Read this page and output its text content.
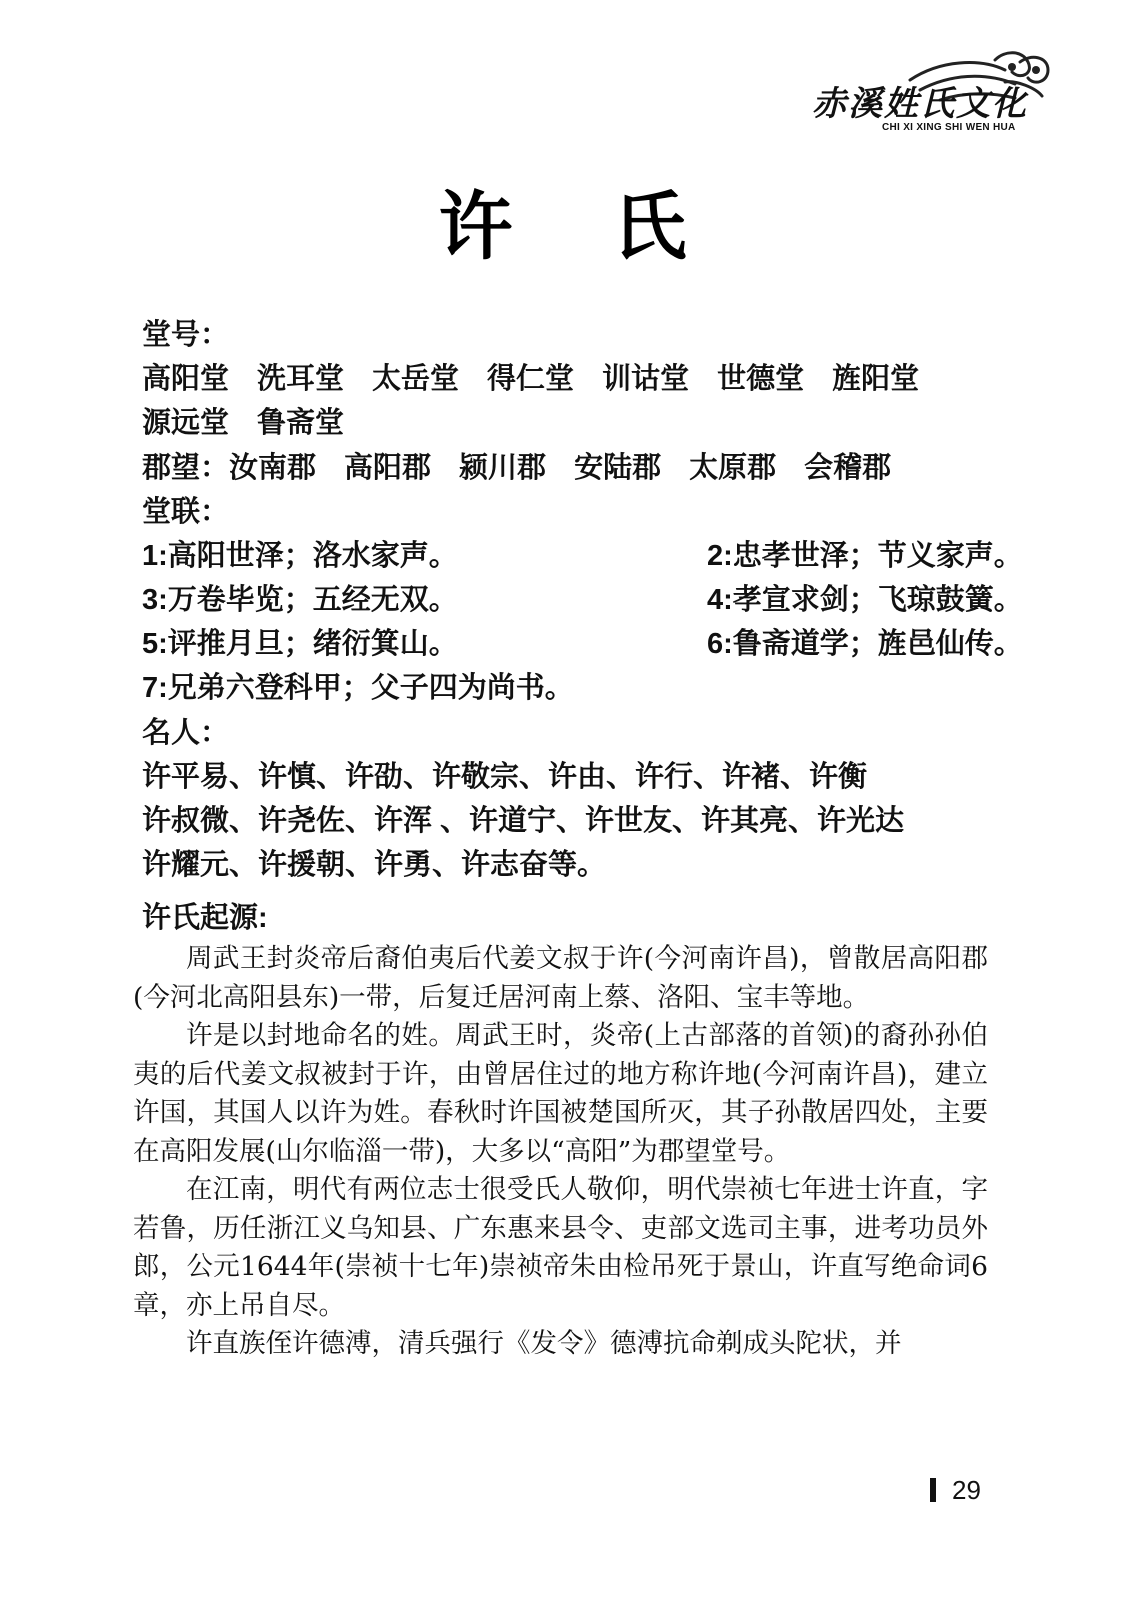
赤溪姓氏文化
CHI XI XING SHI WEN HUA
许氏
堂号：
高阳堂 洗耳堂 太岳堂 得仁堂 训诂堂 世德堂 旌阳堂
源远堂 鲁斋堂
郡望：汝南郡 高阳郡 颍川郡 安陆郡 太原郡 会稽郡
堂联：
1:高阳世泽；洛水家声。	2:忠孝世泽；节义家声。
3:万卷毕览；五经无双。	4:孝宣求剑；飞琼鼓簧。
5:评推月旦；绪衍箕山。	6:鲁斋道学；旌邑仙传。
7:兄弟六登科甲；父子四为尚书。
名人：
许平易、许慎、许劭、许敬宗、许由、许行、许褚、许衡
许叔微、许尧佐、许浑 、许道宁、许世友、许其亮、许光达
许耀元、许援朝、许勇、许志奋等。
许氏起源:

周武王封炎帝后裔伯夷后代姜文叔于许(今河南许昌)，曾散居高阳郡(今河北高阳县东)一带，后复迁居河南上蔡、洛阳、宝丰等地。

许是以封地命名的姓。周武王时，炎帝(上古部落的首领)的裔孙孙伯夷的后代姜文叔被封于许，由曾居住过的地方称许地(今河南许昌)，建立许国，其国人以许为姓。春秋时许国被楚国所灭，其子孙散居四处，主要在高阳发展(山尔临淄一带)，大多以“高阳”为郡望堂号。

在江南，明代有两位志士很受氏人敬仰，明代崇祯七年进士许直，字若鲁，历任浙江义乌知县、广东惠来县令、吏部文选司主事，进考功员外郎，公元1644年(崇祯十七年)崇祯帝朱由检吊死于景山，许直写绝命词6章，亦上吊自尽。

许直族侄许德溥，清兵强行《发令》德溥抗命剃成头陀状，并

29
